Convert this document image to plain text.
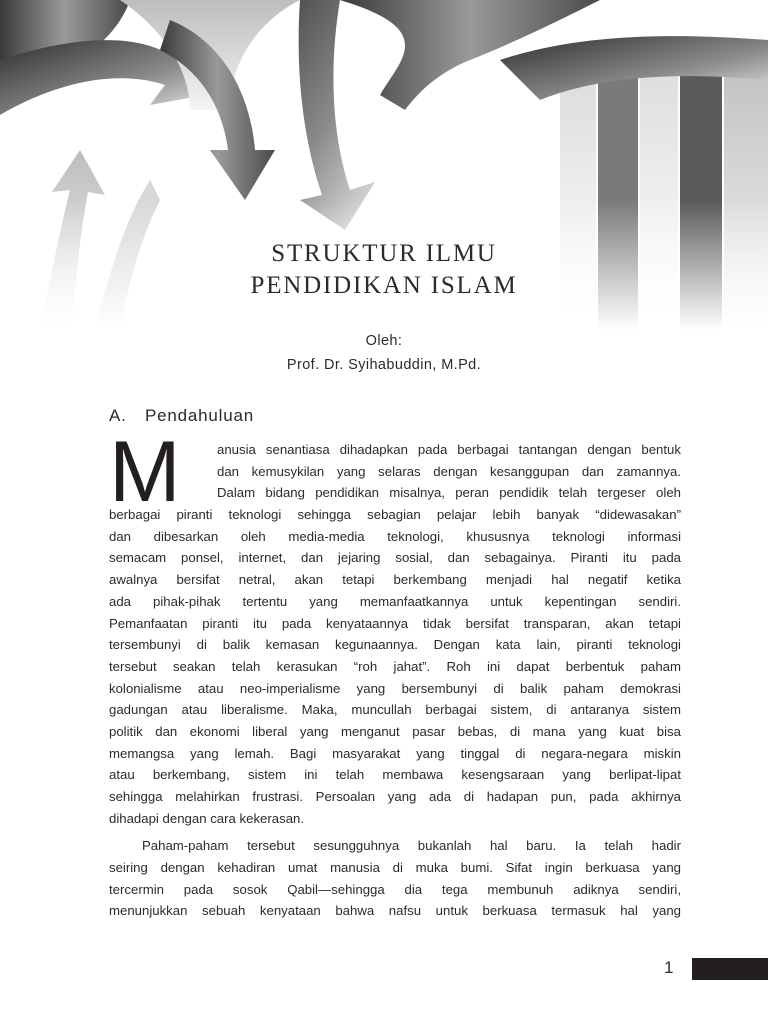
STRUKTUR ILMU
PENDIDIKAN ISLAM
Oleh:
Prof. Dr. Syihabuddin, M.Pd.
A. Pendahuluan
M	anusia senantiasa dihadapkan pada berbagai tantangan dengan bentuk
dan kemusykilan yang selaras dengan kesanggupan dan zamannya.
Dalam bidang pendidikan misalnya, peran pendidik telah tergeser oleh
berbagai piranti teknologi sehingga sebagian pelajar lebih banyak “didewasakan”
dan dibesarkan oleh media-media teknologi, khususnya teknologi informasi
semacam ponsel, internet, dan jejaring sosial, dan sebagainya. Piranti itu pada
awalnya bersifat netral, akan tetapi berkembang menjadi hal negatif ketika
ada pihak-pihak tertentu yang memanfaatkannya untuk kepentingan sendiri.
Pemanfaatan piranti itu pada kenyataannya tidak bersifat transparan, akan tetapi
tersembunyi di balik kemasan kegunaannya. Dengan kata lain, piranti teknologi
tersebut seakan telah kerasukan “roh jahat”. Roh ini dapat berbentuk paham
kolonialisme atau neo-imperialisme yang bersembunyi di balik paham demokrasi
gadungan atau liberalisme. Maka, muncullah berbagai sistem, di antaranya sistem
politik dan ekonomi liberal yang menganut pasar bebas, di mana yang kuat bisa
memangsa yang lemah. Bagi masyarakat yang tinggal di negara-negara miskin
atau berkembang, sistem ini telah membawa kesengsaraan yang berlipat-lipat
sehingga melahirkan frustrasi. Persoalan yang ada di hadapan pun, pada akhirnya
dihadapi dengan cara kekerasan.
Paham-paham tersebut sesungguhnya bukanlah hal baru. Ia telah hadir
seiring dengan kehadiran umat manusia di muka bumi. Sifat ingin berkuasa yang
tercermin pada sosok Qabil—sehingga dia tega membunuh adiknya sendiri,
menunjukkan sebuah kenyataan bahwa nafsu untuk berkuasa termasuk hal yang
1
